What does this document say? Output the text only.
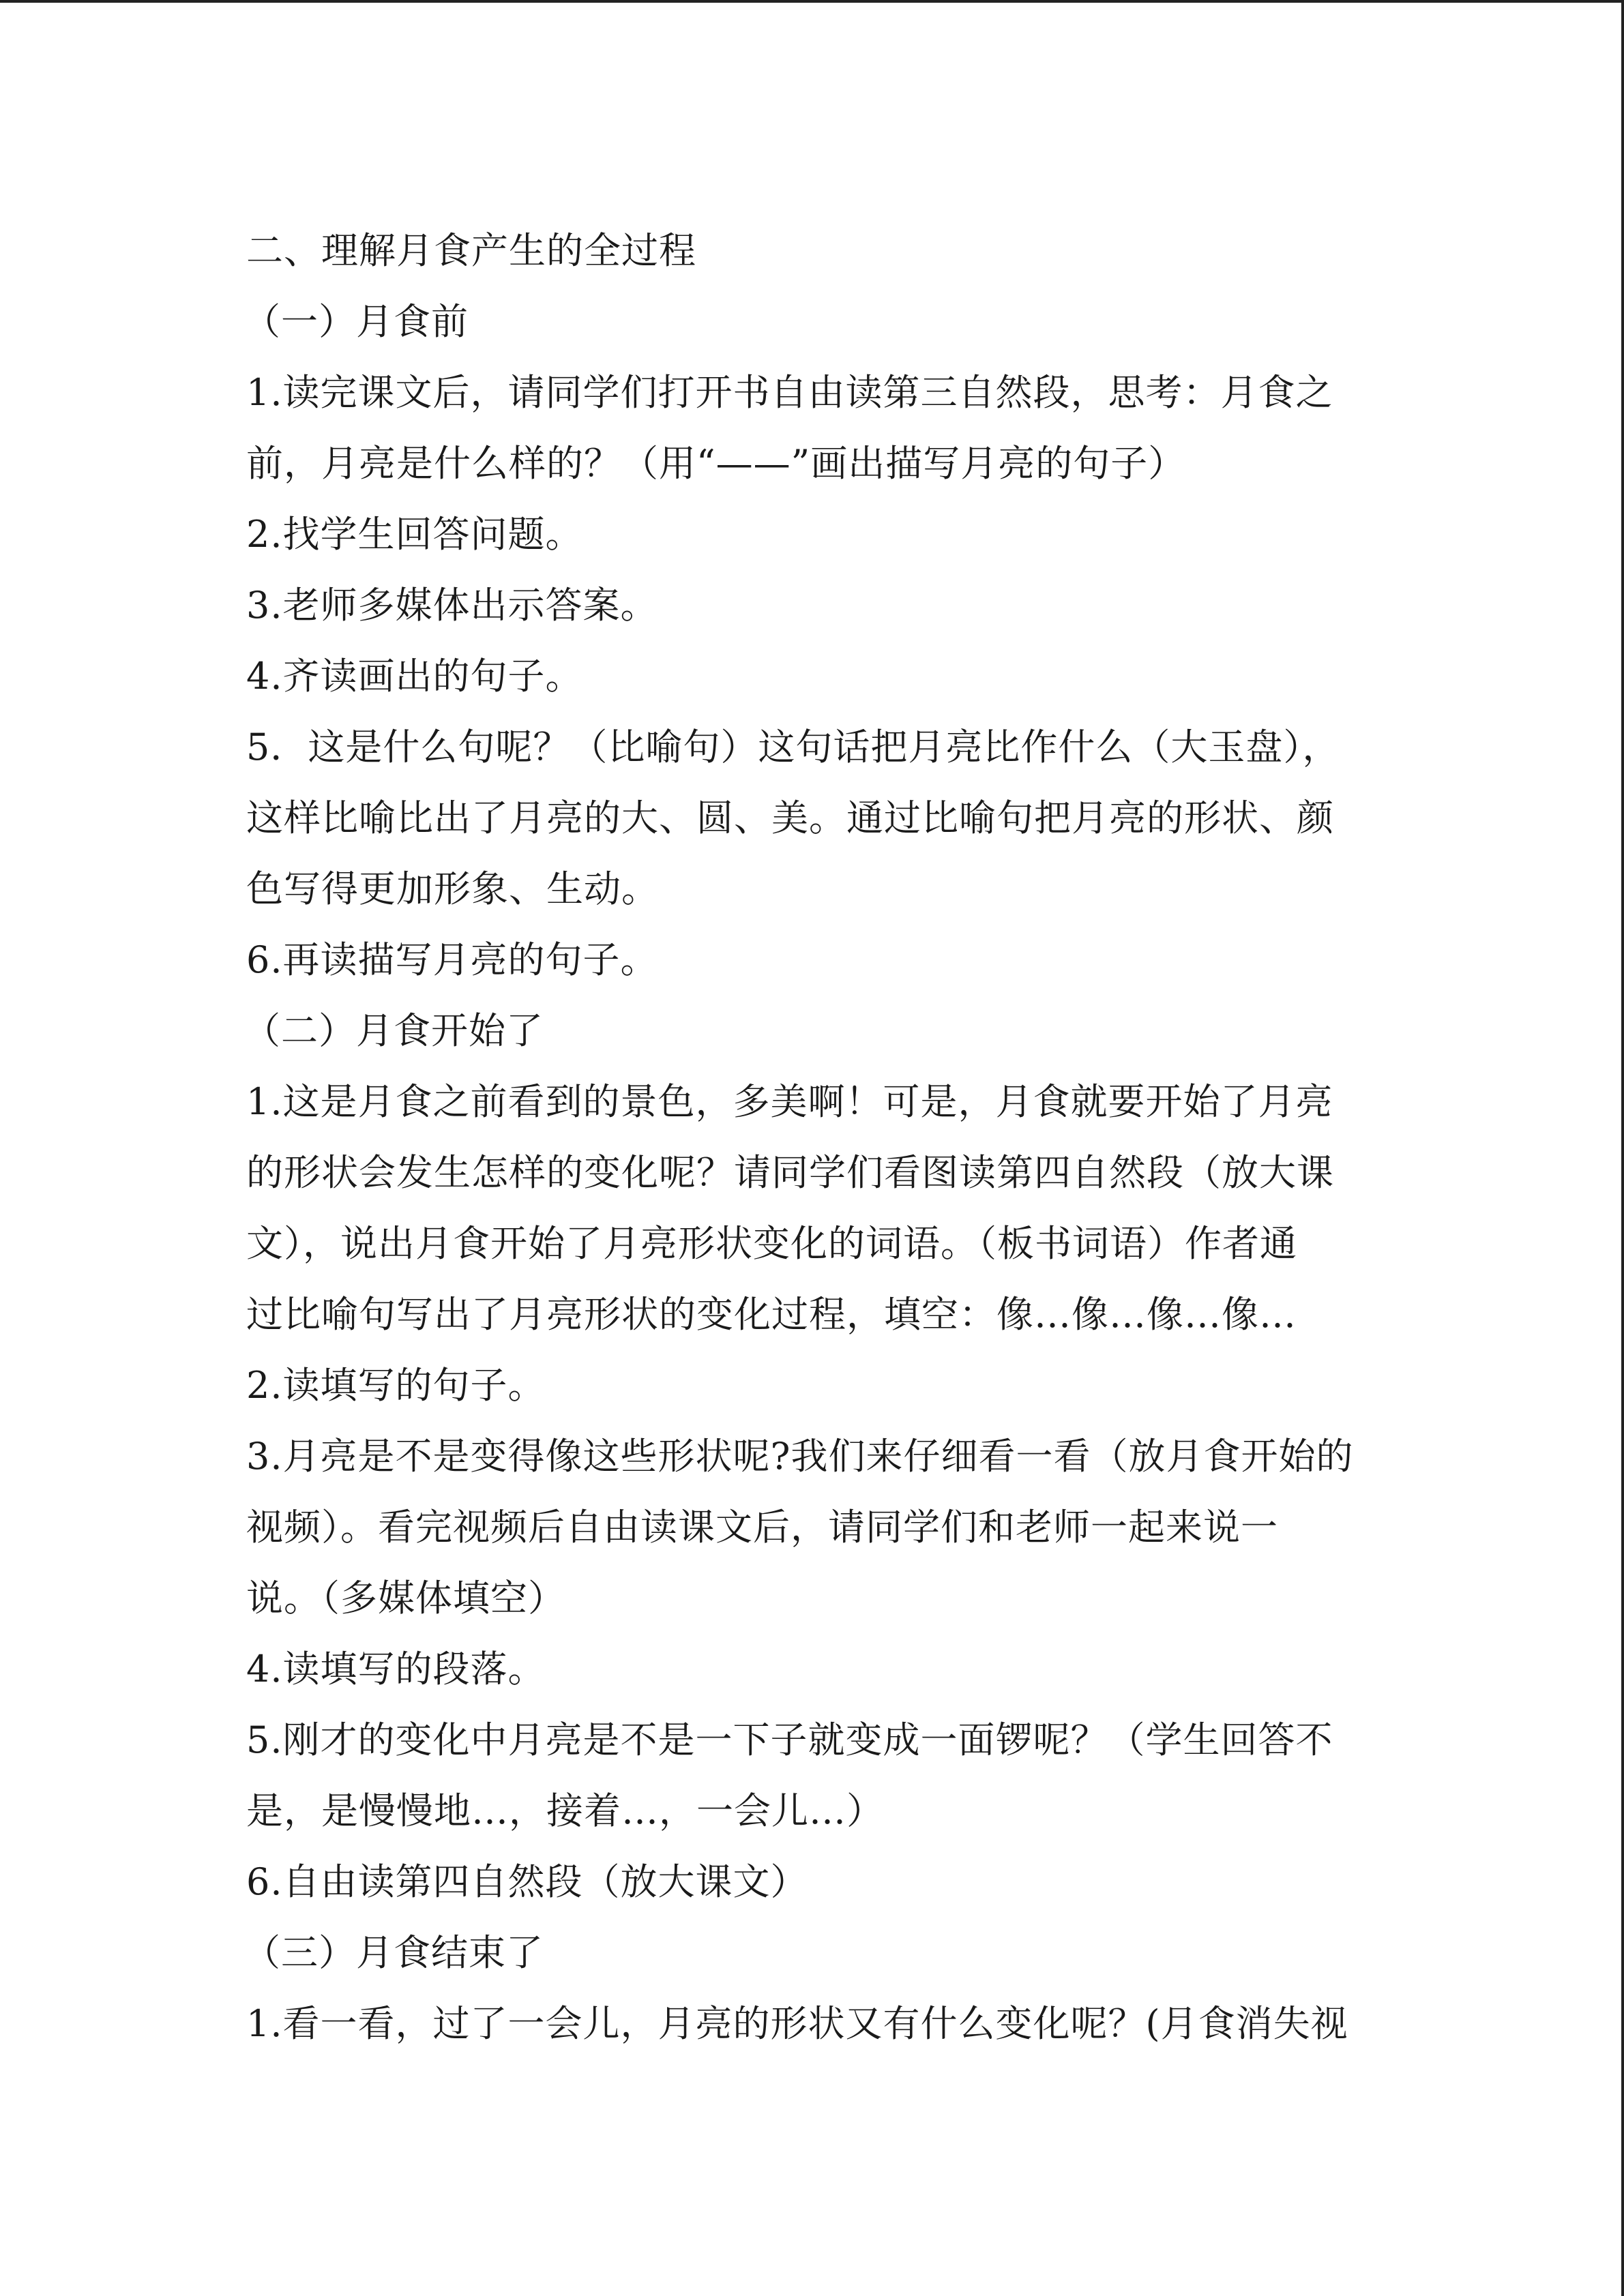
二、理解月食产生的全过程
（一）月食前
1.读完课文后，请同学们打开书自由读第三自然段，思考：月食之
前，月亮是什么样的？（用“——”画出描写月亮的句子）
2.找学生回答问题。
3.老师多媒体出示答案。
4.齐读画出的句子。
5．这是什么句呢？（比喻句）这句话把月亮比作什么（大玉盘），
这样比喻比出了月亮的大、圆、美。通过比喻句把月亮的形状、颜
色写得更加形象、生动。
6.再读描写月亮的句子。
（二）月食开始了
1.这是月食之前看到的景色，多美啊！可是，月食就要开始了月亮
的形状会发生怎样的变化呢？请同学们看图读第四自然段（放大课
文），说出月食开始了月亮形状变化的词语。（板书词语）作者通
过比喻句写出了月亮形状的变化过程，填空：像…像…像…像…
2.读填写的句子。
3.月亮是不是变得像这些形状呢?我们来仔细看一看（放月食开始的
视频）。看完视频后自由读课文后，请同学们和老师一起来说一
说。（多媒体填空）
4.读填写的段落。
5.刚才的变化中月亮是不是一下子就变成一面锣呢？（学生回答不
是，是慢慢地…，接着…，一会儿…）
6.自由读第四自然段（放大课文）
（三）月食结束了
1.看一看，过了一会儿，月亮的形状又有什么变化呢？(月食消失视
